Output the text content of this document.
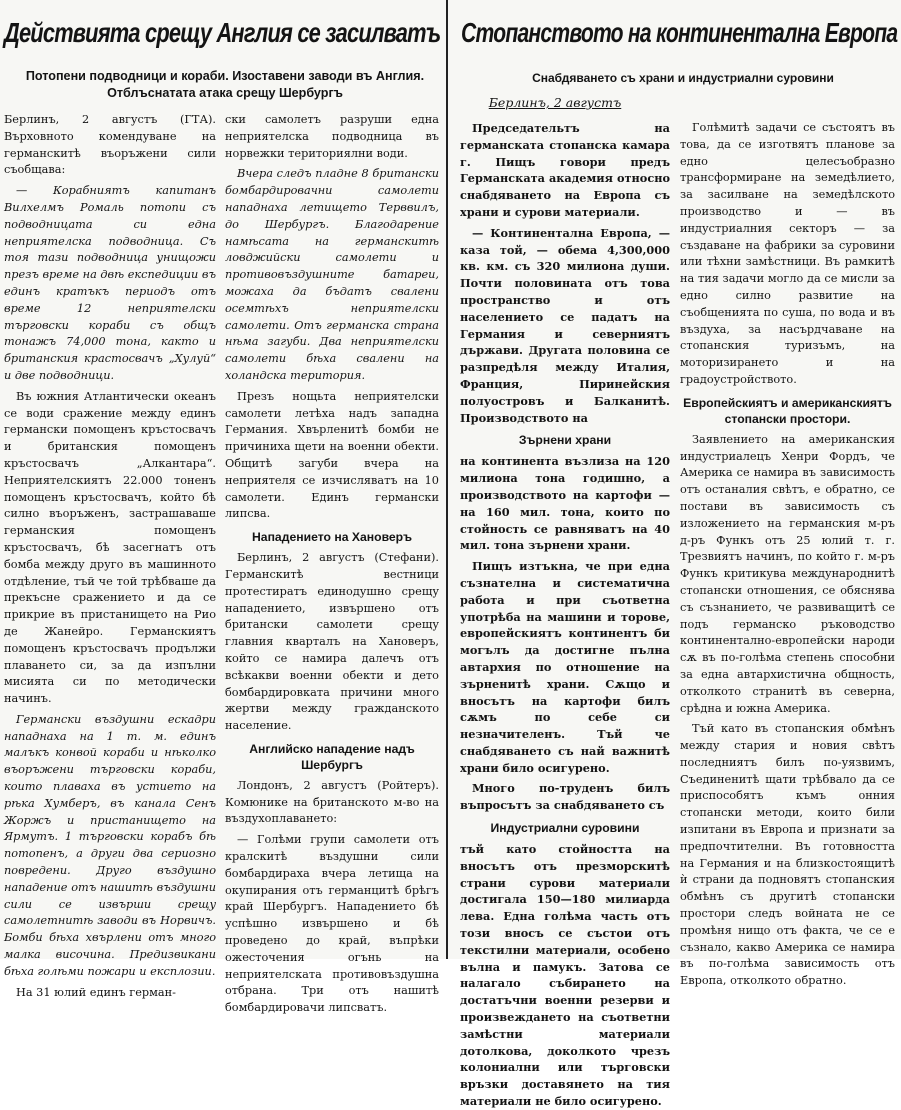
Действията срещу Англия се засилватъ Стопанството на континентална Европа
Потопени подводници и кораби. Изоставени заводи въ Англия.
Отблъснатата атака срещу Шербургъ
Снабдяването съ храни и индустриални суровини
Берлинъ, 2 августъ

Берлинъ, 2 августъ (ГТА). Върховното комендуване на германскитѣ въоръжени сили съобщава:

— Корабниятъ капитанъ Вилхелмъ Ромаль потопи съ подводницата си една неприятелска подводница. Съ тоя тази подводница унищожи презъ време на двѣ експедиции въ единъ кратъкъ периодъ отъ време 12 неприятелски търговски кораби съ общъ тонажъ 74,000 тона, както и британския крастосвачъ „Хулуй“ и две подводници.

Въ южния Атлантически океанъ се води сражение между единъ германски помощенъ кръстосвачъ и британския помощенъ кръстосвачъ „Алкантара“. Неприятелскиятъ 22.000 тоненъ помощенъ кръстосвачъ, който бѣ силно въоръженъ, застрашаваше германския помощенъ кръстосвачъ, бѣ засегнатъ отъ бомба между друго въ машинното отдѣление, тъй че той трѣбваше да прекъсне сражението и да се прикрие въ пристанището на Рио де Жанейро. Германскиятъ помощенъ кръстосвачъ продължи плаването си, за да изпълни мисията си по методически начинъ.

Германски въздушни ескадри нападнаха на 1 т. м. единъ малъкъ конвой кораби и нѣколко въоръжени търговски кораби, които плаваха въ устието на рѣка Хумберъ, въ канала Сенъ Жоржъ и пристанището на Ярмутъ. 1 търговски корабъ бѣ потопенъ, а други два сериозно повредени. Друго въздушно нападение отъ нашитѣ въздушни сили се извърши срещу самолетнитѣ заводи въ Норвичъ. Бомби бѣха хвърлени отъ много малка височина. Предизвикани бѣха голѣми пожари и експлозии.

На 31 юлий единъ герман-

ски самолетъ разруши една неприятелска подводница въ норвежки териториялни води.

Вчера следъ пладне 8 британски бомбардировачни самолети нападнаха летището Терввилъ, до Шербургъ. Благодарение намѣсата на германскитѣ ловджийски самолети и противовъздушните батареи, можаха да бъдатъ свалени осемтѣхъ неприятелски самолети. Отъ германска страна нѣма загуби. Два неприятелски самолети бѣха свалени на холандска територия.

Презъ нощьта неприятелски самолети летѣха надъ западна Германия. Хвърленитѣ бомби не причиниха щети на военни обекти. Общитѣ загуби вчера на неприятеля се изчисляватъ на 10 самолети. Единъ германски липсва.

Нападението на Хановеръ

Берлинъ, 2 августъ (Стефани). Германскитѣ вестници протестиратъ единодушно срещу нападението, извършено отъ британски самолети срещу главния кварталъ на Хановеръ, който се намира далечъ отъ всѣкакви военни обекти и дето бомбардировката причини много жертви между гражданското население.

Английско нападение надъ Шербургъ

Лондонъ, 2 августъ (Ройтеръ). Комюнике на британското м-во на въздухоплаването:

— Голѣми групи самолети отъ кралскитѣ въздушни сили бомбардираха вчера летища на окупирания отъ германцитѣ брѣгъ край Шербургъ. Нападението бѣ успѣшно извършено и бѣ проведено до край, въпрѣки ожесточения огънь на неприятелската противовъздушна отбрана. Три отъ нашитѣ бомбардировачи липсватъ.

Председательтъ на германската стопанска камара г. Пищъ говори предъ Германската академия относно снабдяването на Европа съ храни и сурови материали.

— Континентална Европа, — каза той, — обема 4,300,000 кв. км. съ 320 милиона души. Почти половината отъ това пространство и отъ населението се падатъ на Германия и северниятъ държави. Другата половина се разпредѣля между Италия, Франция, Пиринейския полуостровъ и Балканитѣ. Производството на

Зърнени храни

на континента възлиза на 120 милиона тона годишно, а производството на картофи — на 160 мил. тона, които по стойность се равняватъ на 40 мил. тона зърнени храни.

Пищъ изтъкна, че при една съзнателна и систематична работа и при съответна употрѣба на машини и торове, европейскиятъ континентъ би могълъ да достигне пълна автархия по отношение на зърненитѣ храни. Сѫщо и вносътъ на картофи билъ сѫмъ по себе си незначителенъ. Тъй че снабдяването съ най важнитѣ храни било осигурено.

Много по-труденъ билъ въпросътъ за снабдяването съ

Индустриални суровини

тъй като стойността на вносътъ отъ презморскитѣ страни сурови материали достигала 150—180 милиарда лева. Една голѣма часть отъ този вносъ се състои отъ текстилни материали, особено вълна и памукъ. Затова се налагало събирането на достатъчни военни резерви и произвеждането на съответни замѣстни материали дотолкова, доколкото чрезъ колониални или търговски връзки доставянето на тия материали не било осигурено.

Голѣмитѣ задачи се състоятъ въ това, да се изготвятъ планове за едно целесъобразно трансформиране на земедѣлието, за засилване на земедѣлското производство и — въ индустриалния секторъ — за създаване на фабрики за суровини или тѣхни замѣстници. Въ рамкитѣ на тия задачи могло да се мисли за едно силно развитие на съобщенията по суша, по вода и въ въздуха, за насърдчаване на стопанския туризъмъ, на моторизирането и на градоустройството.

Европейскиятъ и американскиятъ стопански простори.

Заявлението на американския индустриалецъ Хенри Фордъ, че Америка се намира въ зависимость отъ останалия свѣтъ, е обратно, се постави въ зависимость съ изложението на германския м-ръ д-ръ Функъ отъ 25 юлий т. г. Трезвиятъ начинъ, по който г. м-ръ Функъ критикува международнитѣ стопански отношения, се обяснява съ съзнанието, че развиващитѣ се подъ германско ръководство континентално-европейски народи сѫ въ по-голѣма степень способни за една автархистична общность, отколкото странитѣ въ северна, срѣдна и южна Америка.

Тъй като въ стопанския обмѣнъ между стария и новия свѣтъ последниятъ билъ по-уязвимъ, Съединенитѣ щати трѣбвало да се приспособятъ къмъ онния стопански методи, които били изпитани въ Европа и признати за предпочтителни. Въ готовността на Германия и на близкостоящитѣ ѝ страни да подновятъ стопанския обмѣнъ съ другитѣ стопански простори следъ войната не се промѣня нищо отъ факта, че се е съзнало, какво Америка се намира въ по-голѣма зависимость отъ Европа, отколкото обратно.
